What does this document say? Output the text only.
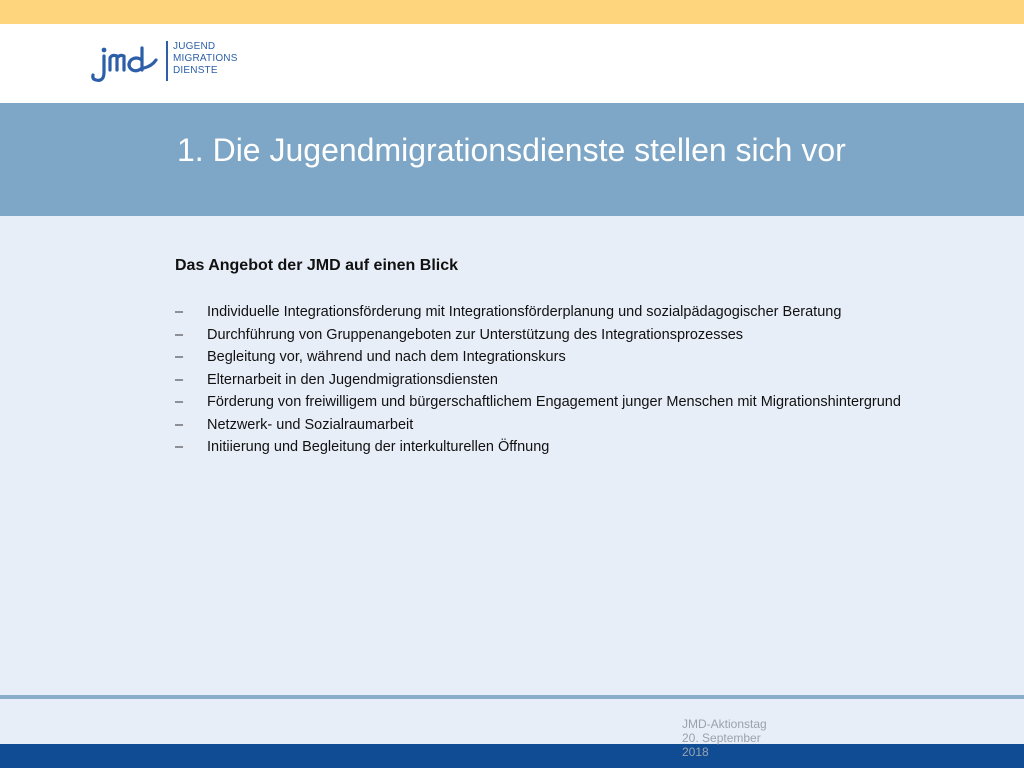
JUGEND
MIGRATIONS
DIENSTE
1. Die Jugendmigrationsdienste stellen sich vor

Das Angebot der JMD auf einen Blick

– Individuelle Integrationsförderung mit Integrationsförderplanung und sozialpädagogischer Beratung
– Durchführung von Gruppenangeboten zur Unterstützung des Integrationsprozesses
– Begleitung vor, während und nach dem Integrationskurs
– Elternarbeit in den Jugendmigrationsdiensten
– Förderung von freiwilligem und bürgerschaftlichem Engagement junger Menschen mit Migrationshintergrund
– Netzwerk- und Sozialraumarbeit
– Initiierung und Begleitung der interkulturellen Öffnung
JMD-Aktionstag
20. September
2018
